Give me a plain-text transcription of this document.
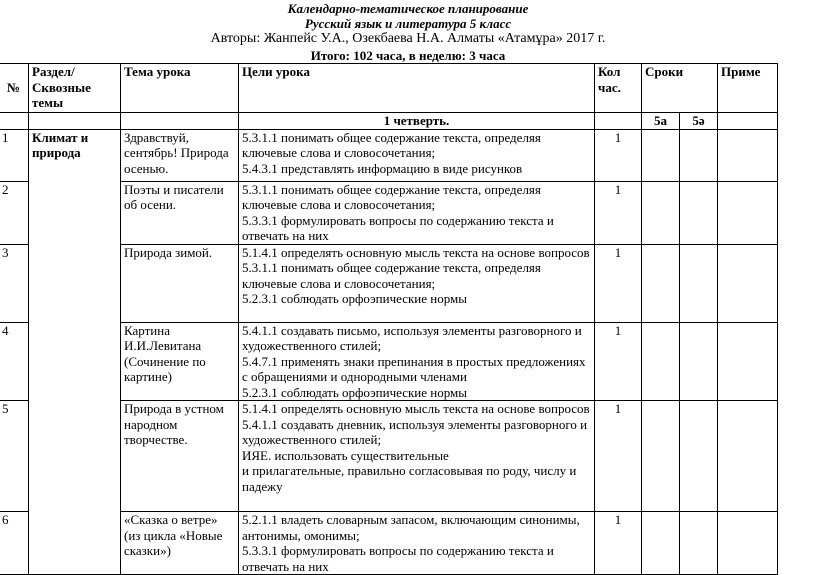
Календарно-тематическое планирование
Русский язык и литература 5 класс
Авторы: Жанпейс У.А., Озекбаева Н.А. Алматы «Атамұра» 2017 г.
Итого: 102 часа, в неделю: 3 часа
№	Раздел/ Сквозные темы	Тема урока	Цели урока	Кол час.	Сроки		Приме
			1 четверть.		5а	5ә	
1	Климат и природа	Здравствуй, сентябрь! Природа осенью.	5.3.1.1 понимать общее содержание текста, определяя ключевые слова и словосочетания;
5.4.3.1 представлять информацию в виде рисунков	1			
2		Поэты и писатели об осени.	5.3.1.1 понимать общее содержание текста, определяя ключевые слова и словосочетания;
5.3.3.1 формулировать вопросы по содержанию текста и отвечать на них	1			
3		Природа зимой.	5.1.4.1 определять основную мысль текста на основе вопросов
5.3.1.1 понимать общее содержание текста, определяя ключевые слова и словосочетания;
5.2.3.1 соблюдать орфоэпические нормы	1			
4		Картина И.И.Левитана (Сочинение по картине)	5.4.1.1 создавать письмо, используя элементы разговорного и художественного стилей;
5.4.7.1 применять знаки препинания в простых предложениях с обращениями и однородными членами
5.2.3.1 соблюдать орфоэпические нормы	1			
5		Природа в устном народном творчестве.	5.1.4.1 определять основную мысль текста на основе вопросов
5.4.1.1 создавать дневник, используя элементы разговорного и художественного стилей;
ИЯЕ. использовать существительные
и прилагательные, правильно согласовывая по роду, числу и падежу	1			
6		«Сказка о ветре» (из цикла «Новые сказки»)	5.2.1.1 владеть словарным запасом, включающим синонимы, антонимы, омонимы;
5.3.3.1 формулировать вопросы по содержанию текста и отвечать на них	1			
